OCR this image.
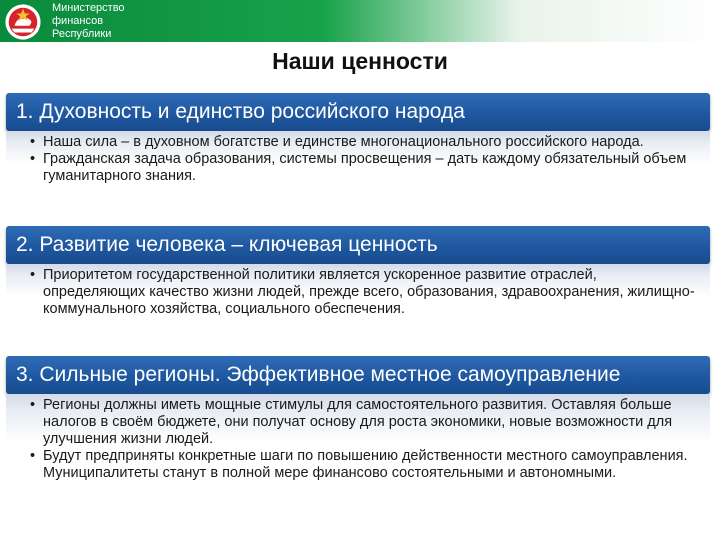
Министерство
финансов
Республики
Наши ценности
1. Духовность и единство российского народа
• Наша сила – в духовном богатстве и единстве многонационального российского народа.
• Гражданская задача образования, системы просвещения – дать каждому обязательный объем гуманитарного знания.
2. Развитие человека – ключевая ценность
• Приоритетом государственной политики является ускоренное развитие отраслей, определяющих качество жизни людей, прежде всего, образования, здравоохранения, жилищно-коммунального хозяйства, социального обеспечения.
3. Сильные регионы. Эффективное местное самоуправление
• Регионы должны иметь мощные стимулы для самостоятельного развития. Оставляя больше налогов в своём бюджете, они получат основу для роста экономики, новые возможности для улучшения жизни людей.
• Будут предприняты конкретные шаги по повышению действенности местного самоуправления. Муниципалитеты станут в полной мере финансово состоятельными и автономными.
